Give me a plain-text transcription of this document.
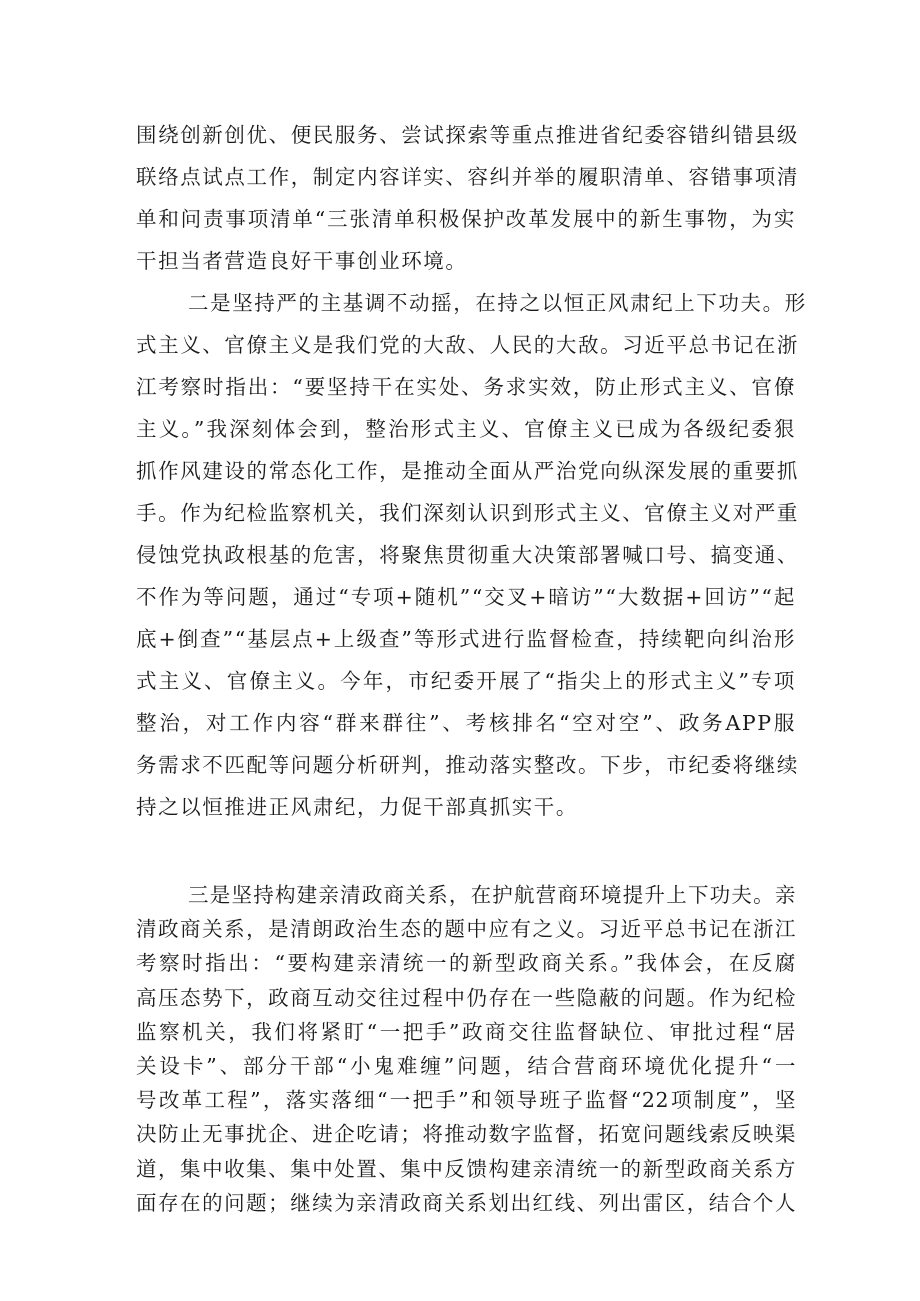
围绕创新创优、便民服务、尝试探索等重点推进省纪委容错纠错县级
联络点试点工作，制定内容详实、容纠并举的履职清单、容错事项清
单和问责事项清单“三张清单积极保护改革发展中的新生事物，为实
干担当者营造良好干事创业环境。
二是坚持严的主基调不动摇，在持之以恒正风肃纪上下功夫。形
式主义、官僚主义是我们党的大敌、人民的大敌。习近平总书记在浙
江考察时指出：“要坚持干在实处、务求实效，防止形式主义、官僚
主义。”我深刻体会到，整治形式主义、官僚主义已成为各级纪委狠
抓作风建设的常态化工作，是推动全面从严治党向纵深发展的重要抓
手。作为纪检监察机关，我们深刻认识到形式主义、官僚主义对严重
侵蚀党执政根基的危害，将聚焦贯彻重大决策部署喊口号、搞变通、
不作为等问题，通过“专项+随机”“交叉+暗访”“大数据+回访”“起
底+倒查”“基层点+上级查”等形式进行监督检查，持续靶向纠治形
式主义、官僚主义。今年，市纪委开展了“指尖上的形式主义”专项
整治，对工作内容“群来群往”、考核排名“空对空”、政务APP服
务需求不匹配等问题分析研判，推动落实整改。下步，市纪委将继续
持之以恒推进正风肃纪，力促干部真抓实干。
三是坚持构建亲清政商关系，在护航营商环境提升上下功夫。亲
清政商关系，是清朗政治生态的题中应有之义。习近平总书记在浙江
考察时指出：“要构建亲清统一的新型政商关系。”我体会，在反腐
高压态势下，政商互动交往过程中仍存在一些隐蔽的问题。作为纪检
监察机关，我们将紧盯“一把手”政商交往监督缺位、审批过程“居
关设卡”、部分干部“小鬼难缠”问题，结合营商环境优化提升“一
号改革工程”，落实落细“一把手”和领导班子监督“22项制度”，坚
决防止无事扰企、进企吃请；将推动数字监督，拓宽问题线索反映渠
道，集中收集、集中处置、集中反馈构建亲清统一的新型政商关系方
面存在的问题；继续为亲清政商关系划出红线、列出雷区，结合个人
